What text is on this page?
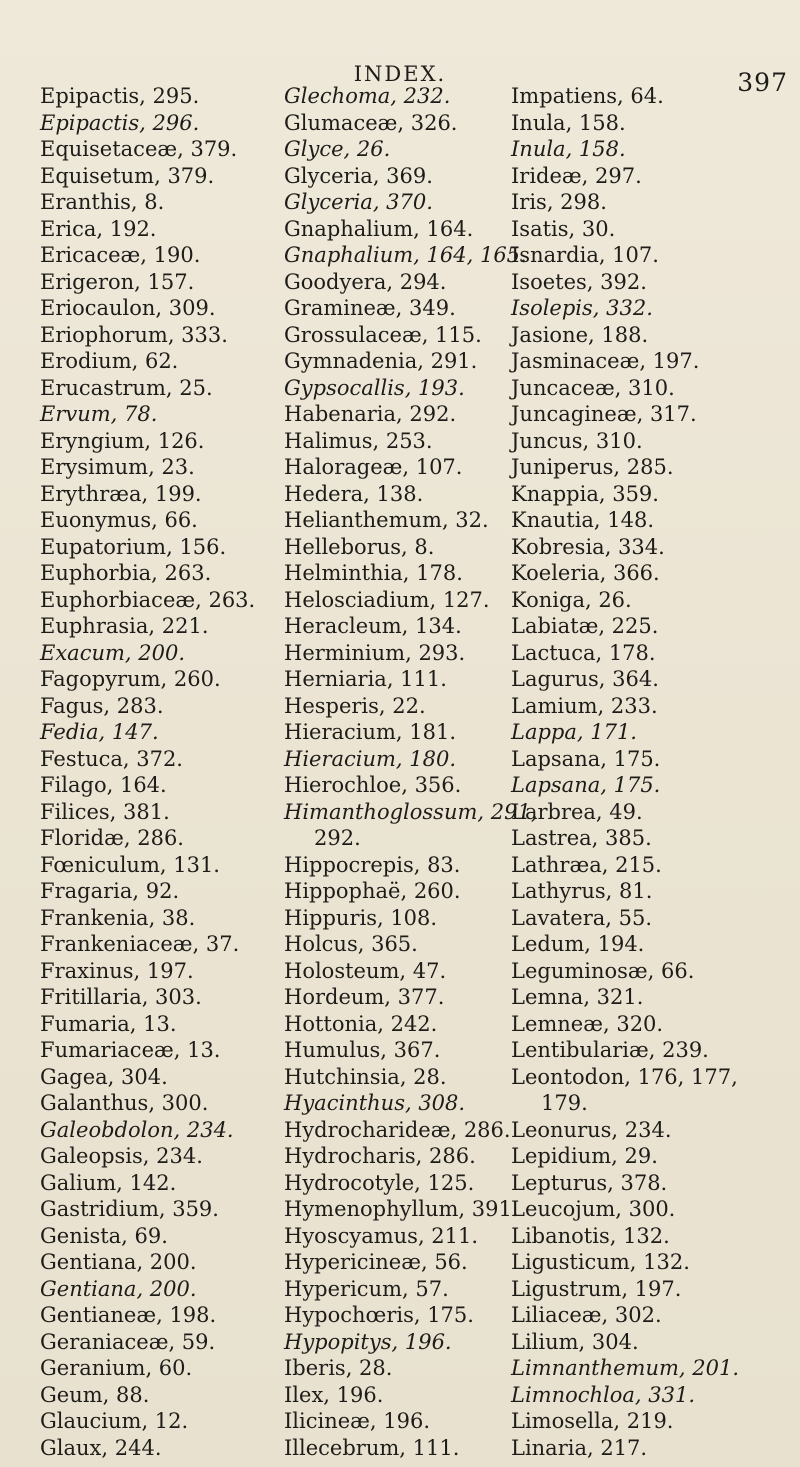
INDEX.	397
Epipactis, 295.
Epipactis, 296.
Equisetaceæ, 379.
Equisetum, 379.
Eranthis, 8.
Erica, 192.
Ericaceæ, 190.
Erigeron, 157.
Eriocaulon, 309.
Eriophorum, 333.
Erodium, 62.
Erucastrum, 25.
Ervum, 78.
Eryngium, 126.
Erysimum, 23.
Erythræa, 199.
Euonymus, 66.
Eupatorium, 156.
Euphorbia, 263.
Euphorbiaceæ, 263.
Euphrasia, 221.
Exacum, 200.
Fagopyrum, 260.
Fagus, 283.
Fedia, 147.
Festuca, 372.
Filago, 164.
Filices, 381.
Floridæ, 286.
Fœniculum, 131.
Fragaria, 92.
Frankenia, 38.
Frankeniaceæ, 37.
Fraxinus, 197.
Fritillaria, 303.
Fumaria, 13.
Fumariaceæ, 13.
Gagea, 304.
Galanthus, 300.
Galeobdolon, 234.
Galeopsis, 234.
Galium, 142.
Gastridium, 359.
Genista, 69.
Gentiana, 200.
Gentiana, 200.
Gentianeæ, 198.
Geraniaceæ, 59.
Geranium, 60.
Geum, 88.
Glaucium, 12.
Glaux, 244.
Glechoma, 232.
Glumaceæ, 326.
Glyce, 26.
Glyceria, 369.
Glyceria, 370.
Gnaphalium, 164.
Gnaphalium, 164, 165.
Goodyera, 294.
Gramineæ, 349.
Grossulaceæ, 115.
Gymnadenia, 291.
Gypsocallis, 193.
Habenaria, 292.
Halimus, 253.
Halorageæ, 107.
Hedera, 138.
Helianthemum, 32.
Helleborus, 8.
Helminthia, 178.
Helosciadium, 127.
Heracleum, 134.
Herminium, 293.
Herniaria, 111.
Hesperis, 22.
Hieracium, 181.
Hieracium, 180.
Hierochloe, 356.
Himanthoglossum, 291,
292.
Hippocrepis, 83.
Hippophaë, 260.
Hippuris, 108.
Holcus, 365.
Holosteum, 47.
Hordeum, 377.
Hottonia, 242.
Humulus, 367.
Hutchinsia, 28.
Hyacinthus, 308.
Hydrocharideæ, 286.
Hydrocharis, 286.
Hydrocotyle, 125.
Hymenophyllum, 391.
Hyoscyamus, 211.
Hypericineæ, 56.
Hypericum, 57.
Hypochœris, 175.
Hypopitys, 196.
Iberis, 28.
Ilex, 196.
Ilicineæ, 196.
Illecebrum, 111.
Impatiens, 64.
Inula, 158.
Inula, 158.
Irideæ, 297.
Iris, 298.
Isatis, 30.
Isnardia, 107.
Isoetes, 392.
Isolepis, 332.
Jasione, 188.
Jasminaceæ, 197.
Juncaceæ, 310.
Juncagineæ, 317.
Juncus, 310.
Juniperus, 285.
Knappia, 359.
Knautia, 148.
Kobresia, 334.
Koeleria, 366.
Koniga, 26.
Labiatæ, 225.
Lactuca, 178.
Lagurus, 364.
Lamium, 233.
Lappa, 171.
Lapsana, 175.
Lapsana, 175.
Larbrea, 49.
Lastrea, 385.
Lathræa, 215.
Lathyrus, 81.
Lavatera, 55.
Ledum, 194.
Leguminosæ, 66.
Lemna, 321.
Lemneæ, 320.
Lentibulariæ, 239.
Leontodon, 176, 177,
179.
Leonurus, 234.
Lepidium, 29.
Lepturus, 378.
Leucojum, 300.
Libanotis, 132.
Ligusticum, 132.
Ligustrum, 197.
Liliaceæ, 302.
Lilium, 304.
Limnanthemum, 201.
Limnochloa, 331.
Limosella, 219.
Linaria, 217.
